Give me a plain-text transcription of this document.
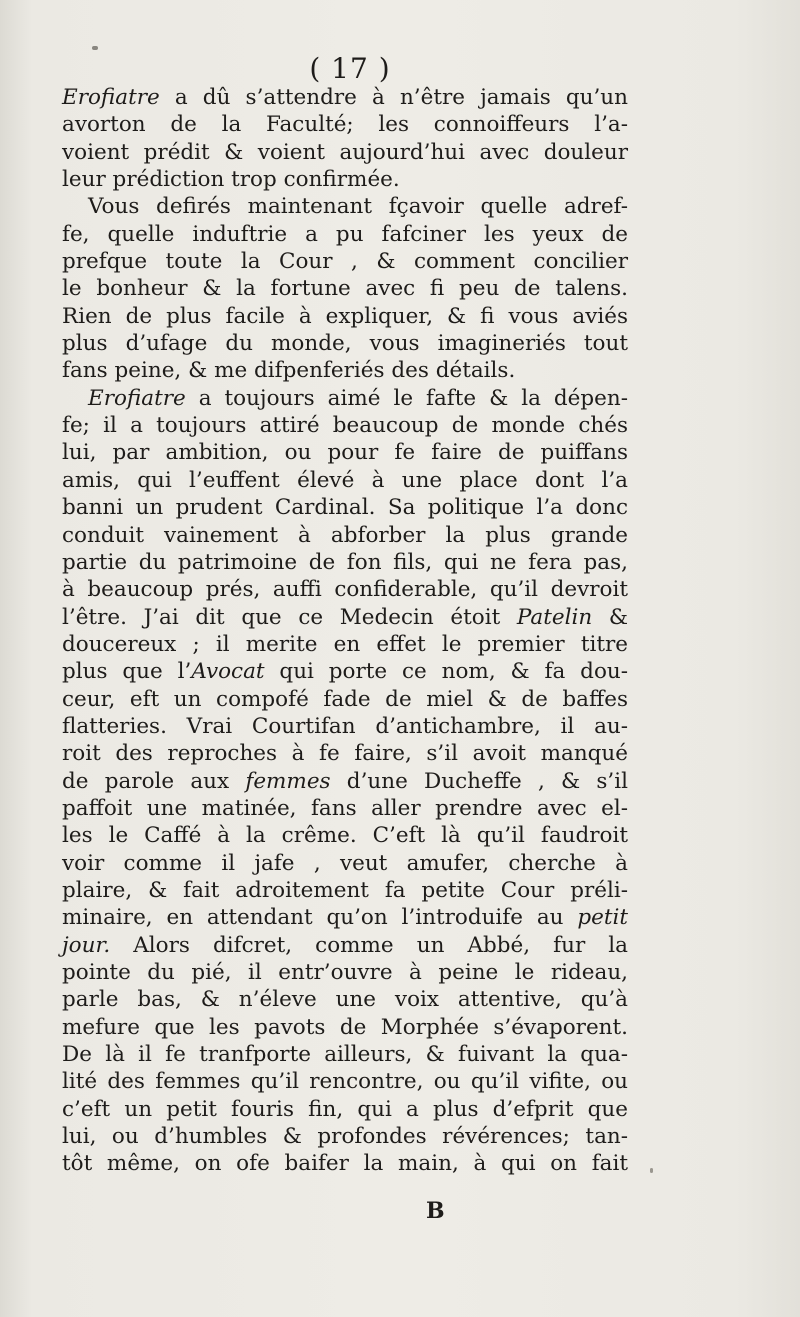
( 17 )
Erofiatre a dû s’attendre à n’être jamais qu’un
avorton de la Faculté; les connoiffeurs l’a-
voient prédit & voient aujourd’hui avec douleur
leur prédiction trop confirmée.
Vous defirés maintenant fçavoir quelle adref-
fe, quelle induftrie a pu fafciner les yeux de
prefque toute la Cour , & comment concilier
le bonheur & la fortune avec fi peu de talens.
Rien de plus facile à expliquer, & fi vous aviés
plus d’ufage du monde, vous imagineriés tout
fans peine, & me difpenferiés des détails.
Erofiatre a toujours aimé le fafte & la dépen-
fe; il a toujours attiré beaucoup de monde chés
lui, par ambition, ou pour fe faire de puiffans
amis, qui l’euffent élevé à une place dont l’a
banni un prudent Cardinal. Sa politique l’a donc
conduit vainement à abforber la plus grande
partie du patrimoine de fon fils, qui ne fera pas,
à beaucoup prés, auffi confiderable, qu’il devroit
l’être. J’ai dit que ce Medecin étoit Patelin &
doucereux ; il merite en effet le premier titre
plus que l’Avocat qui porte ce nom, & fa dou-
ceur, eft un compofé fade de miel & de baffes
flatteries. Vrai Courtifan d’antichambre, il au-
roit des reproches à fe faire, s’il avoit manqué
de parole aux femmes d’une Ducheffe , & s’il
paffoit une matinée, fans aller prendre avec el-
les le Caffé à la crême. C’eft là qu’il faudroit
voir comme il jafe , veut amufer, cherche à
plaire, & fait adroitement fa petite Cour préli-
minaire, en attendant qu’on l’introduife au petit
jour. Alors difcret, comme un Abbé, fur la
pointe du pié, il entr’ouvre à peine le rideau,
parle bas, & n’éleve une voix attentive, qu’à
mefure que les pavots de Morphée s’évaporent.
De là il fe tranfporte ailleurs, & fuivant la qua-
lité des femmes qu’il rencontre, ou qu’il vifite, ou
c’eft un petit fouris fin, qui a plus d’efprit que
lui, ou d’humbles & profondes révérences; tan-
tôt même, on ofe baifer la main, à qui on fait
B
